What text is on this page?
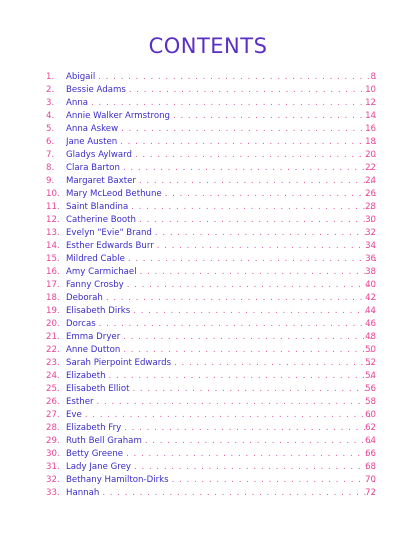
CONTENTS
1.	Abigail . . .	8
2.	Bessie Adams . . .	10
3.	Anna . . .	12
4.	Annie Walker Armstrong . . .	14
5.	Anna Askew . . .	16
6.	Jane Austen . . .	18
7.	Gladys Aylward . . .	20
8.	Clara Barton . . .	22
9.	Margaret Baxter . . .	24
10. Mary McLeod Bethune . . .	26
11. Saint Blandina . . .	28
12. Catherine Booth . . .	30
13. Evelyn "Evie" Brand . . .	32
14. Esther Edwards Burr . . .	34
15. Mildred Cable . . .	36
16. Amy Carmichael . . .	38
17. Fanny Crosby . . .	40
18. Deborah . . .	42
19. Elisabeth Dirks . . .	44
20. Dorcas . . .	46
21. Emma Dryer . . .	48
22. Anne Dutton . . .	50
23. Sarah Pierpoint Edwards . . .	52
24. Elizabeth . . .	54
25. Elisabeth Elliot . . .	56
26. Esther . . .	58
27. Eve . . .	60
28. Elizabeth Fry . . .	62
29. Ruth Bell Graham . . .	64
30. Betty Greene . . .	66
31. Lady Jane Grey . . .	68
32. Bethany Hamilton-Dirks . . .	70
33. Hannah . . .	72
